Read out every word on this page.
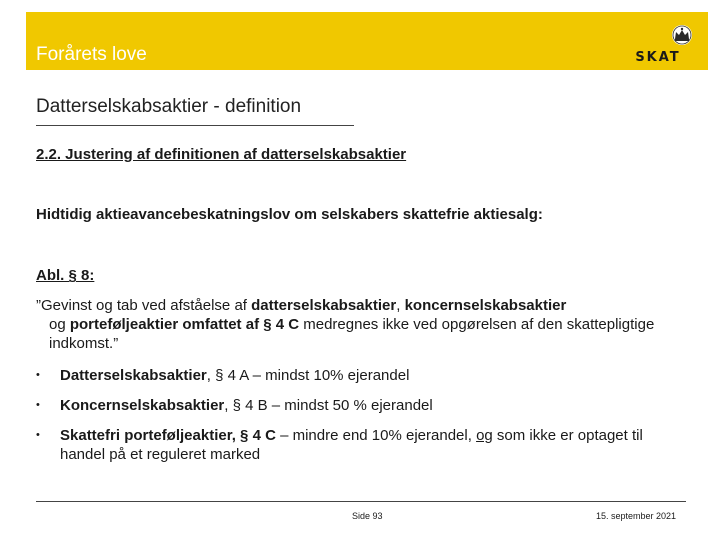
Forårets love	SKAT
Datterselskabsaktier - definition
2.2. Justering af definitionen af datterselskabsaktier
Hidtidig aktieavancebeskatningslov om selskabers skattefrie aktiesalg:
Abl. § 8:
”Gevinst og tab ved afståelse af datterselskabsaktier, koncernselskabsaktier
og porteføljeaktier omfattet af § 4 C medregnes ikke ved opgørelsen af den skattepligtige indkomst.”
• Datterselskabsaktier, § 4 A – mindst 10% ejerandel
• Koncernselskabsaktier, § 4 B – mindst 50 % ejerandel
• Skattefri porteføljeaktier, § 4 C – mindre end 10% ejerandel, og som ikke er optaget til handel på et reguleret marked
Side 93	15. september 2021
